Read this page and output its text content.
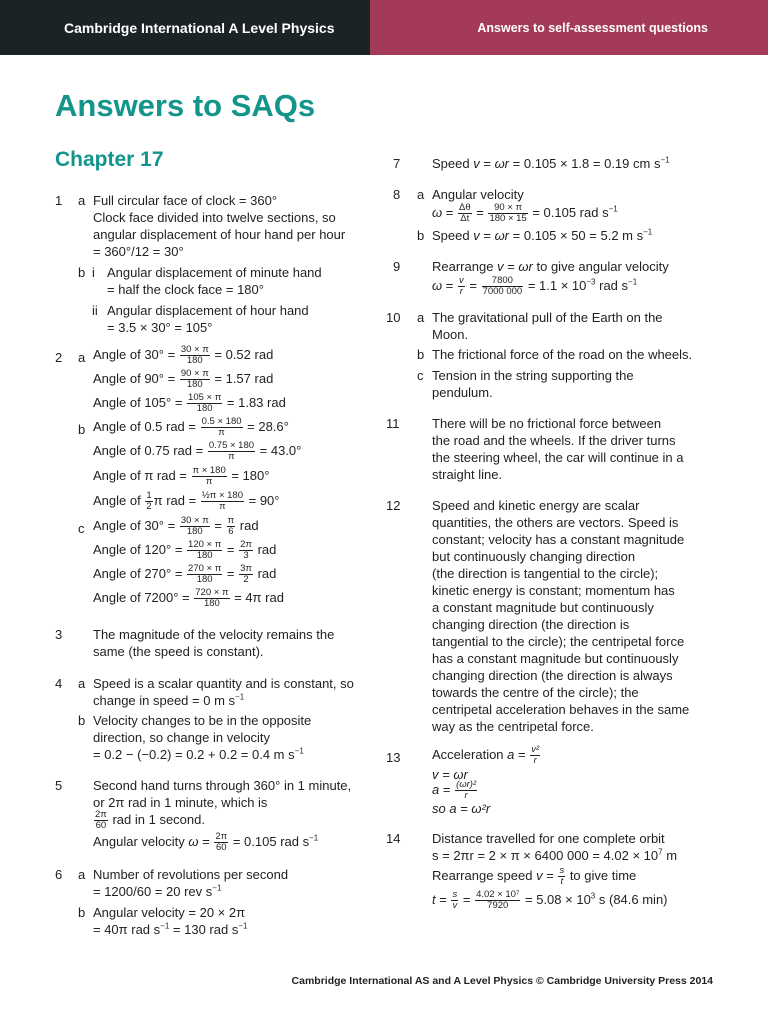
Cambridge International A Level Physics	Answers to self-assessment questions
Answers to SAQs
Chapter 17
1 a Full circular face of clock = 360°
Clock face divided into twelve sections, so
angular displacement of hour hand per hour
= 360°/12 = 30°
b i Angular displacement of minute hand
= half the clock face = 180°
ii Angular displacement of hour hand
= 3.5 × 30° = 105°
2 a Angle of $30^\circ = \frac{30 \times \pi}{180} = 0.52$ rad
Angle of $90^\circ = \frac{90 \times \pi}{180} = 1.57$ rad
Angle of $105^\circ = \frac{105 \times \pi}{180} = 1.83$ rad
b Angle of 0.5 rad = $\frac{0.5 \times 180}{\pi} = 28.6^\circ$
Angle of 0.75 rad = $\frac{0.75 \times 180}{\pi} = 43.0^\circ$
Angle of π rad = $\frac{\pi \times 180}{\pi} = 180^\circ$
Angle of $\frac{1}{2}$ π rad = $\frac{\text{½π × 180}}{\pi} = 90^\circ$
c Angle of $30^\circ = \frac{30 \times \pi}{180} = \frac{\pi}{6}$ rad
Angle of $120^\circ = \frac{120 \times \pi}{180} = \frac{2\pi}{3}$ rad
Angle of $270^\circ = \frac{270 \times \pi}{180} = \frac{3\pi}{2}$ rad
Angle of $7200^\circ = \frac{720 \times \pi}{180} = 4\pi$ rad
3 The magnitude of the velocity remains the
same (the speed is constant).
4 a Speed is a scalar quantity and is constant, so
change in speed = 0 m $s^{-1}$
b Velocity changes to be in the opposite
direction, so change in velocity
= 0.2 − (−0.2) = 0.2 + 0.2 = 0.4 m $s^{-1}$
5 Second hand turns through 360° in 1 minute,
or 2π rad in 1 minute, which is
$\frac{2\pi}{60}$ rad in 1 second.
Angular velocity $\omega = \frac{2\pi}{60} = 0.105$ rad $s^{-1}$
6 a Number of revolutions per second
= 1200/60 = 20 rev $s^{-1}$
b Angular velocity = 20 × 2π
= 40π rad $s^{-1} = 130$ rad $s^{-1}$
7 Speed v = ωr = 0.105 × 1.8 = 0.19 cm $s^{-1}$
8 a Angular velocity
$\omega = \frac{\Delta\theta}{\Delta t} = \frac{90 \times \pi}{180 \times 15} = 0.105$ rad $s^{-1}$
b Speed v = ωr = 0.105 × 50 = 5.2 m $s^{-1}$
9 Rearrange v = ωr to give angular velocity
$\omega = \frac{v}{r} = \frac{7800}{7000 000} = 1.1 \times 10^{-3}$ rad $s^{-1}$
10 a The gravitational pull of the Earth on the
Moon.
b The frictional force of the road on the wheels.
c Tension in the string supporting the
pendulum.
11	There will be no frictional force between
the road and the wheels. If the driver turns
the steering wheel, the car will continue in a
straight line.
12 Speed and kinetic energy are scalar
quantities, the others are vectors. Speed is
constant; velocity has a constant magnitude
but continuously changing direction
(the direction is tangential to the circle);
kinetic energy is constant; momentum has
a constant magnitude but continuously
changing direction (the direction is
tangential to the circle); the centripetal force
has a constant magnitude but continuously
changing direction (the direction is always
towards the centre of the circle); the
centripetal acceleration behaves in the same
way as the centripetal force.
13 Acceleration $a = \frac{\text{v²}}{r}$
v = ωr
$a = \frac{\text{(ωr)²}}{r}$
so a = ω²r
14 Distance travelled for one complete orbit
s = 2πr = 2 × π × 6400 $000 = 4.02 \times 10^7$ m
Rearrange speed $v = \frac{s}{t}$ to give time
$t = \frac{s}{v} = \frac{\text{4.02 × 10⁷}}{7920} = 5.08 \times 10^3$ s (84.6 min)
Cambridge International AS and A Level Physics © Cambridge University Press 2014
